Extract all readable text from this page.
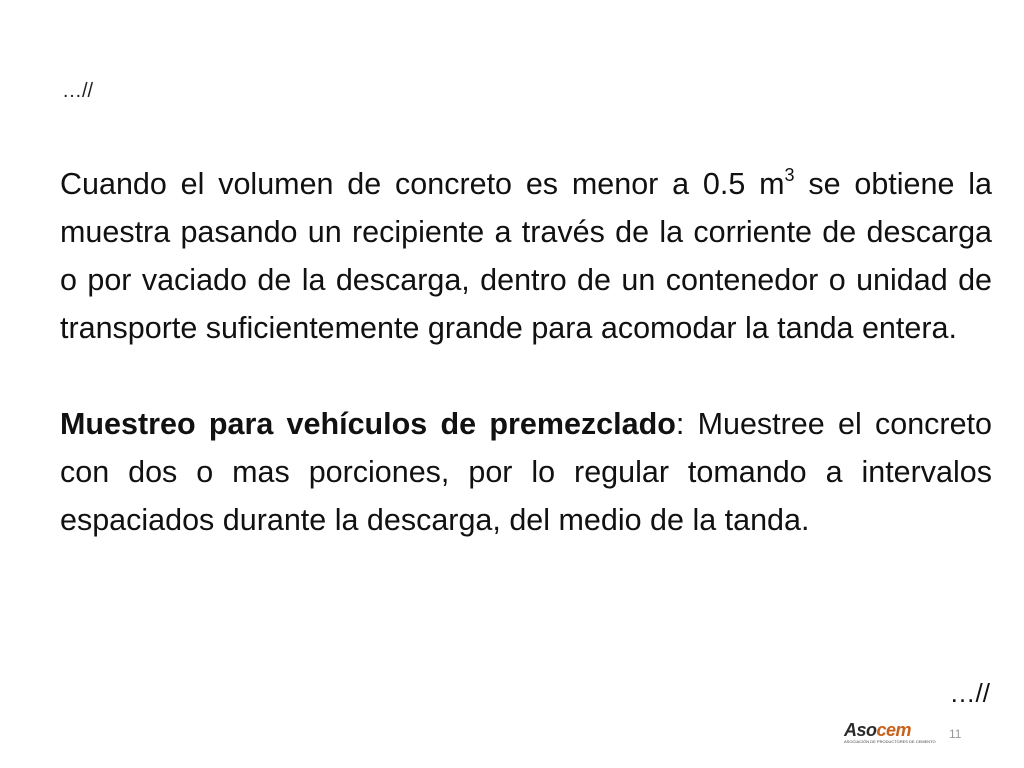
…//

Cuando el volumen de concreto es menor a 0.5 $m^3$ se obtiene la muestra pasando un recipiente a través de la corriente de descarga o por vaciado de la descarga, dentro de un contenedor o unidad de transporte suficientemente grande para acomodar la tanda entera.

Muestreo para vehículos de premezclado: Muestree el concreto con dos o mas porciones, por lo regular tomando a intervalos espaciados durante la descarga, del medio de la tanda.

…//
Asocem
ASOCIACIÓN DE PRODUCTORES DE CEMENTO
11
